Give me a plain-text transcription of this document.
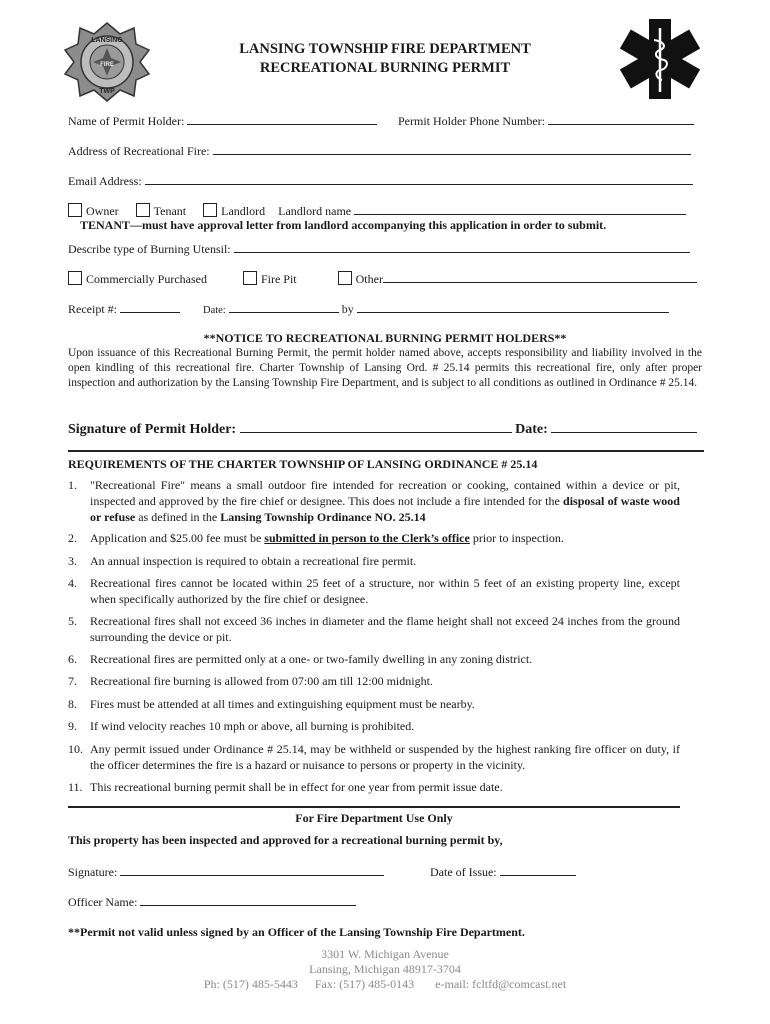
LANSING
FIRE
TWP
LANSING TOWNSHIP FIRE DEPARTMENT
RECREATIONAL BURNING PERMIT
Name of Permit Holder:	Permit Holder Phone Number:
Address of Recreational Fire:
Email Address:
Owner	Tenant	Landlord Landlord name
TENANT—must have approval letter from landlord accompanying this application in order to submit.
Describe type of Burning Utensil:
Commercially Purchased	Fire Pit	Other
Receipt #:	Date:	by
**NOTICE TO RECREATIONAL BURNING PERMIT HOLDERS**
Upon issuance of this Recreational Burning Permit, the permit holder named above, accepts responsibility and liability involved in the open kindling of this recreational fire. Charter Township of Lansing Ord. # 25.14 permits this recreational fire, only after proper inspection and authorization by the Lansing Township Fire Department, and is subject to all conditions as outlined in Ordinance # 25.14.
Signature of Permit Holder:	Date:
REQUIREMENTS OF THE CHARTER TOWNSHIP OF LANSING ORDINANCE # 25.14
1. "Recreational Fire" means a small outdoor fire intended for recreation or cooking, contained within a device or pit, inspected and approved by the fire chief or designee. This does not include a fire intended for the disposal of waste wood or refuse as defined in the Lansing Township Ordinance NO. 25.14
2. Application and $25.00 fee must be submitted in person to the Clerk’s office prior to inspection.
3. An annual inspection is required to obtain a recreational fire permit.
4. Recreational fires cannot be located within 25 feet of a structure, nor within 5 feet of an existing property line, except when specifically authorized by the fire chief or designee.
5. Recreational fires shall not exceed 36 inches in diameter and the flame height shall not exceed 24 inches from the ground surrounding the device or pit.
6. Recreational fires are permitted only at a one- or two-family dwelling in any zoning district.
7. Recreational fire burning is allowed from 07:00 am till 12:00 midnight.
8. Fires must be attended at all times and extinguishing equipment must be nearby.
9. If wind velocity reaches 10 mph or above, all burning is prohibited.
10. Any permit issued under Ordinance # 25.14, may be withheld or suspended by the highest ranking fire officer on duty, if the officer determines the fire is a hazard or nuisance to persons or property in the vicinity.
11. This recreational burning permit shall be in effect for one year from permit issue date.
For Fire Department Use Only
This property has been inspected and approved for a recreational burning permit by,
Signature:	Date of Issue:
Officer Name:
**Permit not valid unless signed by an Officer of the Lansing Township Fire Department.
3301 W. Michigan Avenue
Lansing, Michigan 48917-3704
Ph: (517) 485-5443 Fax: (517) 485-0143 e-mail: fcltfd@comcast.net
